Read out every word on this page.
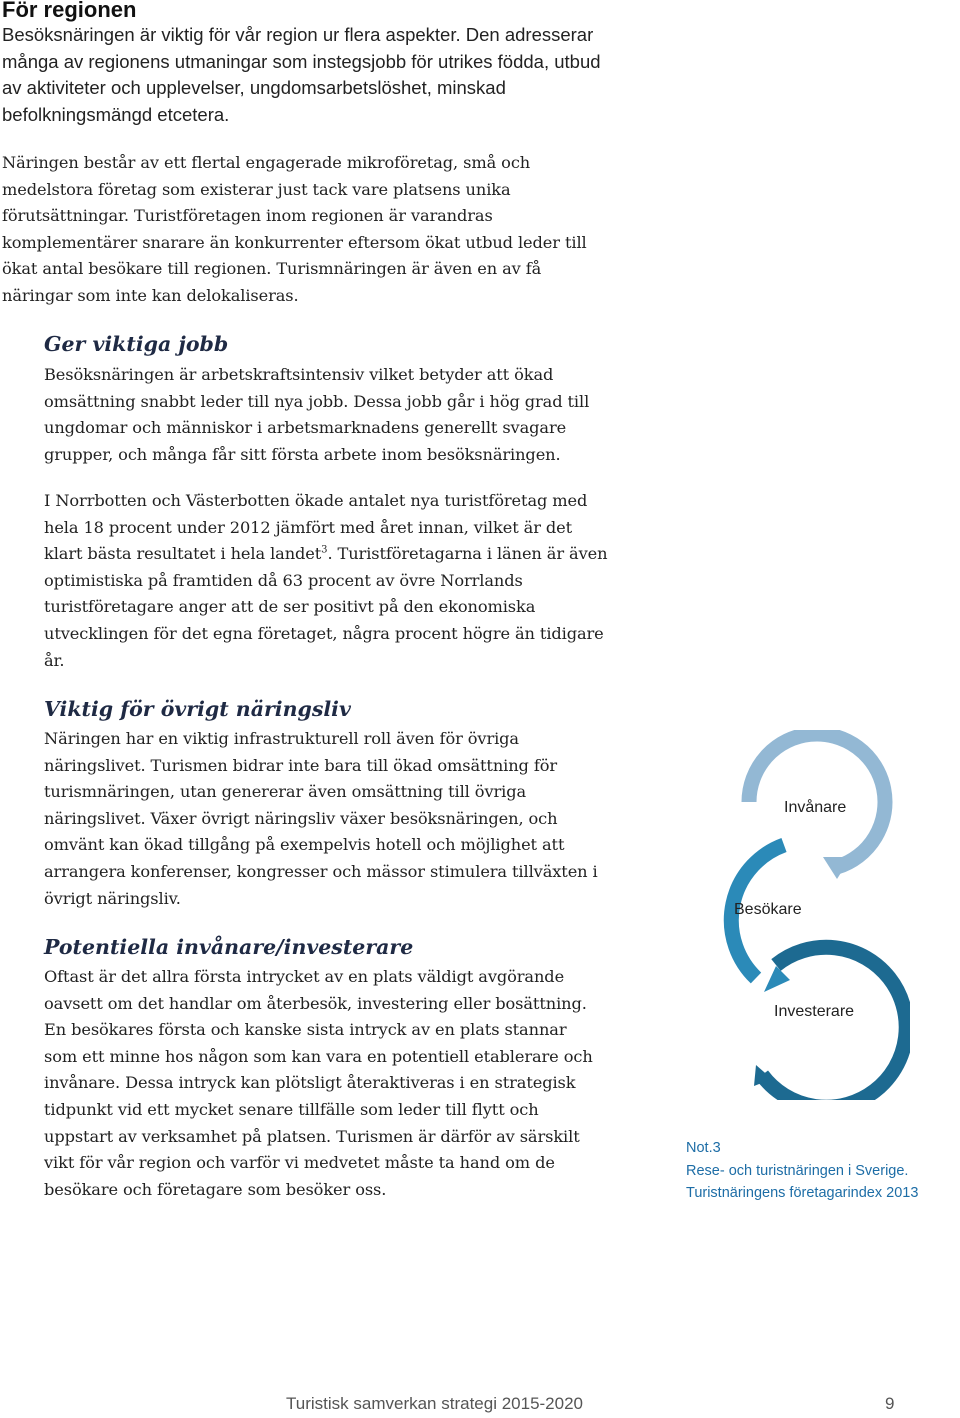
För regionen

Besöksnäringen är viktig för vår region ur flera aspekter. Den adresserar

många av regionens utmaningar som instegsjobb för utrikes födda, utbud

av aktiviteter och upplevelser, ungdomsarbetslöshet, minskad

befolkningsmängd etcetera.

Näringen består av ett flertal engagerade mikroföretag, små och

medelstora företag som existerar just tack vare platsens unika

förutsättningar. Turistföretagen inom regionen är varandras

komplementärer snarare än konkurrenter eftersom ökat utbud leder till

ökat antal besökare till regionen. Turismnäringen är även en av få

näringar som inte kan delokaliseras.

Ger viktiga jobb

Besöksnäringen är arbetskraftsintensiv vilket betyder att ökad

omsättning snabbt leder till nya jobb. Dessa jobb går i hög grad till

ungdomar och människor i arbetsmarknadens generellt svagare

grupper, och många får sitt första arbete inom besöksnäringen.

I Norrbotten och Västerbotten ökade antalet nya turistföretag med

hela 18 procent under 2012 jämfört med året innan, vilket är det

klart bästa resultatet i hela landet$^3$. Turistföretagarna i länen är även

optimistiska på framtiden då 63 procent av övre Norrlands

turistföretagare anger att de ser positivt på den ekonomiska

utvecklingen för det egna företaget, några procent högre än tidigare

år.

Viktig för övrigt näringsliv

Näringen har en viktig infrastrukturell roll även för övriga

näringslivet. Turismen bidrar inte bara till ökad omsättning för

turismnäringen, utan genererar även omsättning till övriga

näringslivet. Växer övrigt näringsliv växer besöksnäringen, och

omvänt kan ökad tillgång på exempelvis hotell och möjlighet att

arrangera konferenser, kongresser och mässor stimulera tillväxten i

övrigt näringsliv.

Potentiella invånare/investerare

Oftast är det allra första intrycket av en plats väldigt avgörande

oavsett om det handlar om återbesök, investering eller bosättning.

En besökares första och kanske sista intryck av en plats stannar

som ett minne hos någon som kan vara en potentiell etablerare och

invånare. Dessa intryck kan plötsligt återaktiveras i en strategisk

tidpunkt vid ett mycket senare tillfälle som leder till flytt och

uppstart av verksamhet på platsen. Turismen är därför av särskilt

vikt för vår region och varför vi medvetet måste ta hand om de

besökare och företagare som besöker oss.

Invånare
Besökare
Investerare
Not.3
Rese- och turistnäringen i Sverige.
Turistnäringens företagarindex 2013

Turistisk samverkan strategi 2015-2020	9
